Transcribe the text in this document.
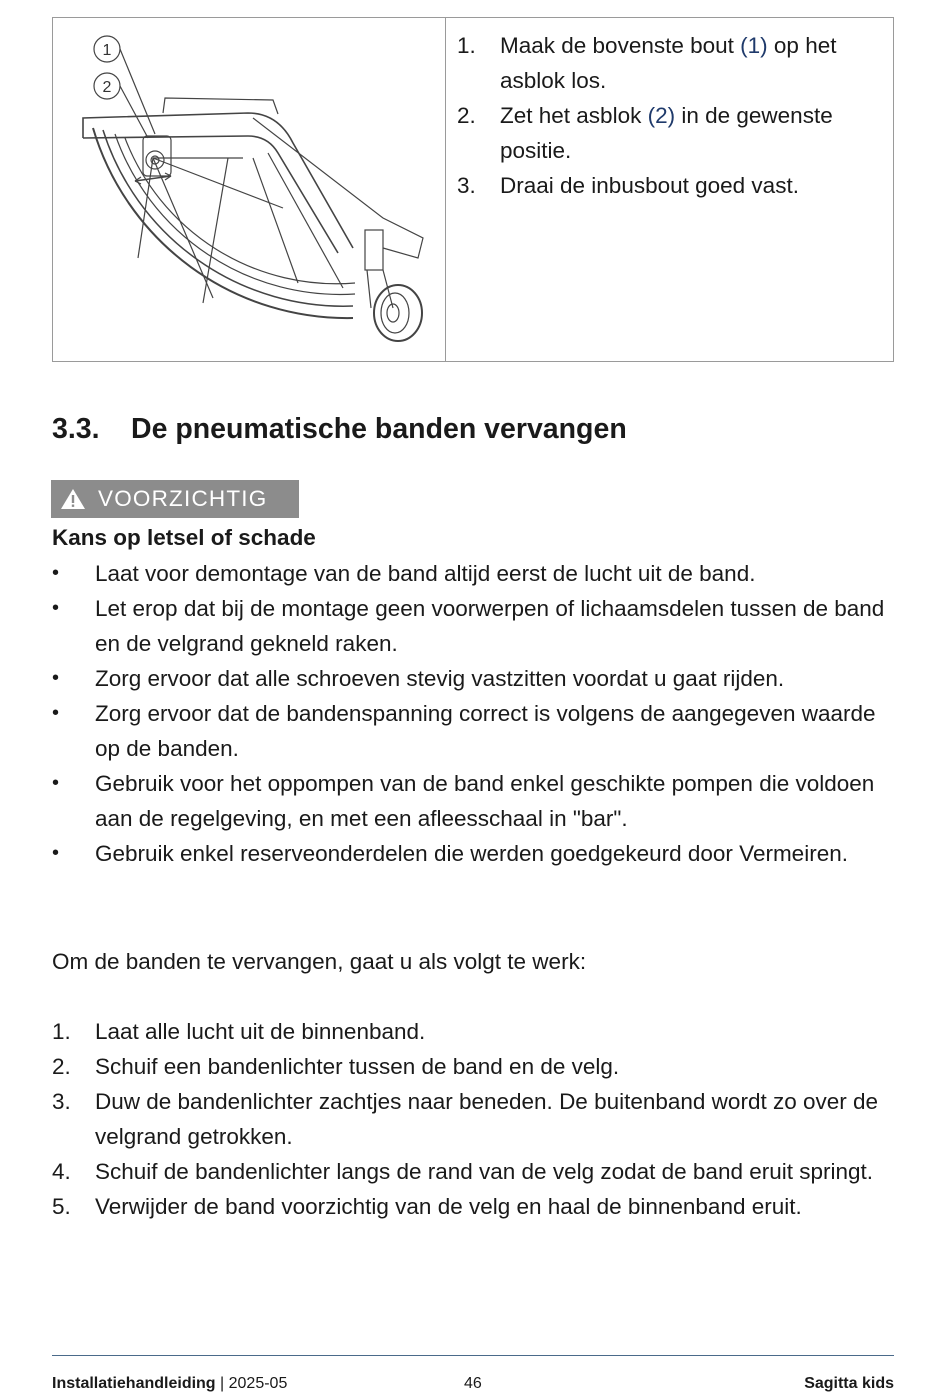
1
2
1. Maak de bovenste bout (1) op het asblok los.
2. Zet het asblok (2) in de gewenste positie.
3. Draai de inbusbout goed vast.
3.3. De pneumatische banden vervangen
VOORZICHTIG

Kans op letsel of schade

• Laat voor demontage van de band altijd eerst de lucht uit de band.
• Let erop dat bij de montage geen voorwerpen of lichaamsdelen tussen de band en de velgrand gekneld raken.
• Zorg ervoor dat alle schroeven stevig vastzitten voordat u gaat rijden.
• Zorg ervoor dat de bandenspanning correct is volgens de aangegeven waarde op de banden.
• Gebruik voor het oppompen van de band enkel geschikte pompen die voldoen aan de regelgeving, en met een afleesschaal in "bar".
• Gebruik enkel reserveonderdelen die werden goedgekeurd door Vermeiren.

Om de banden te vervangen, gaat u als volgt te werk:

1. Laat alle lucht uit de binnenband.
2. Schuif een bandenlichter tussen de band en de velg.
3. Duw de bandenlichter zachtjes naar beneden. De buitenband wordt zo over de velgrand getrokken.
4. Schuif de bandenlichter langs de rand van de velg zodat de band eruit springt.
5. Verwijder de band voorzichtig van de velg en haal de binnenband eruit.
Installatiehandleiding | 2025-05	46	Sagitta kids
